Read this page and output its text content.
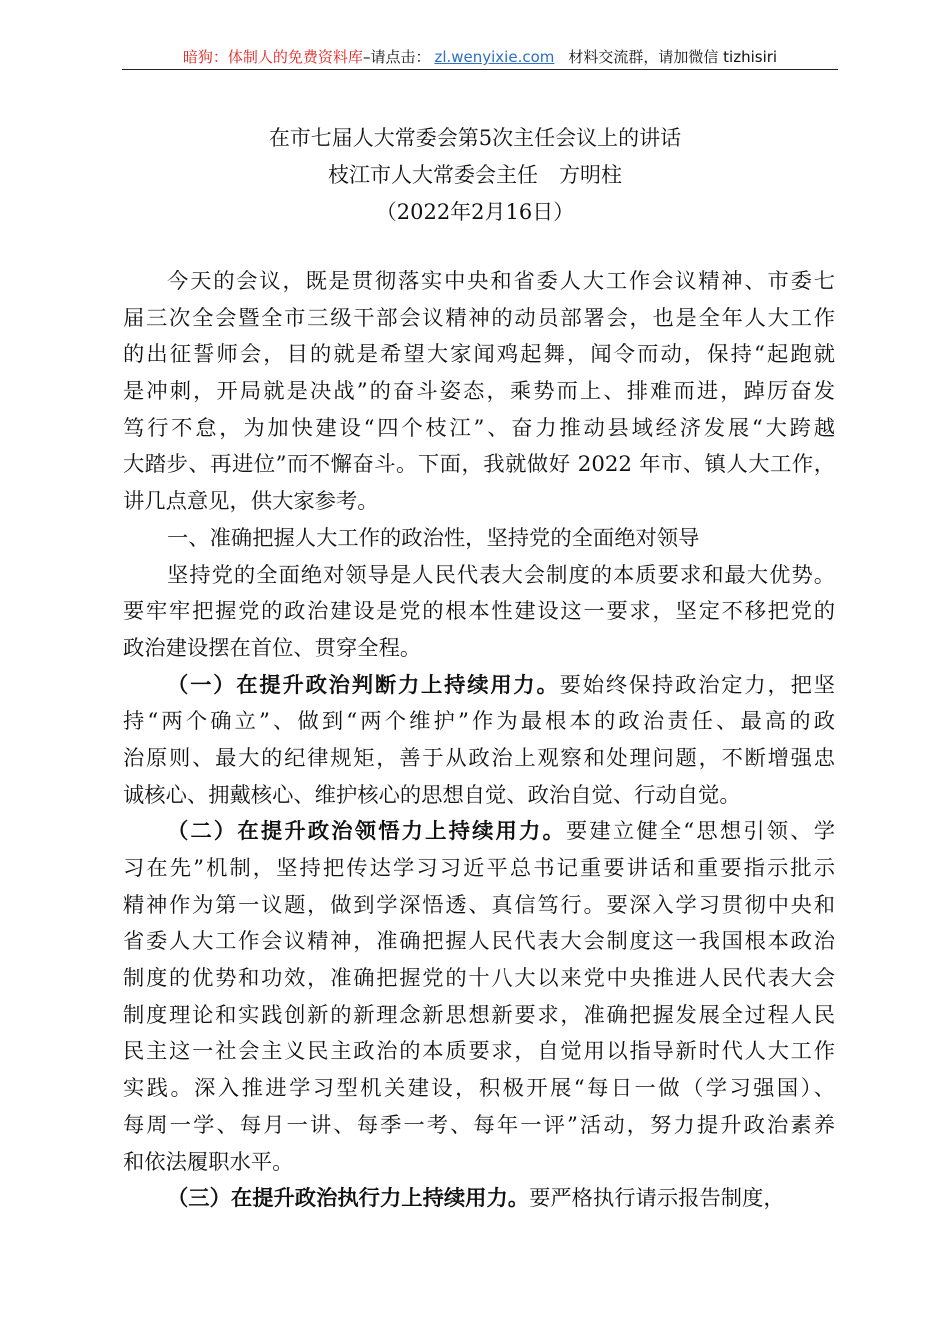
暗狗：体制人的免费资料库–请点击： zl.wenyixie.com 材料交流群，请加微信 tizhisiri
在市七届人大常委会第5次主任会议上的讲话
枝江市人大常委会主任　方明柱
（2022年2月16日）
今天的会议，既是贯彻落实中央和省委人大工作会议精神、市委七
届三次全会暨全市三级干部会议精神的动员部署会，也是全年人大工作
的出征誓师会，目的就是希望大家闻鸡起舞，闻令而动，保持“起跑就
是冲刺，开局就是决战”的奋斗姿态，乘势而上、排难而进，踔厉奋发
笃行不怠，为加快建设“四个枝江”、奋力推动县域经济发展“大跨越
大踏步、再进位”而不懈奋斗。下面，我就做好 2022 年市、镇人大工作，
讲几点意见，供大家参考。
一、准确把握人大工作的政治性，坚持党的全面绝对领导
坚持党的全面绝对领导是人民代表大会制度的本质要求和最大优势。
要牢牢把握党的政治建设是党的根本性建设这一要求，坚定不移把党的
政治建设摆在首位、贯穿全程。
（一）在提升政治判断力上持续用力。要始终保持政治定力，把坚
持“两个确立”、做到“两个维护”作为最根本的政治责任、最高的政
治原则、最大的纪律规矩，善于从政治上观察和处理问题，不断增强忠
诚核心、拥戴核心、维护核心的思想自觉、政治自觉、行动自觉。
（二）在提升政治领悟力上持续用力。要建立健全“思想引领、学
习在先”机制，坚持把传达学习习近平总书记重要讲话和重要指示批示
精神作为第一议题，做到学深悟透、真信笃行。要深入学习贯彻中央和
省委人大工作会议精神，准确把握人民代表大会制度这一我国根本政治
制度的优势和功效，准确把握党的十八大以来党中央推进人民代表大会
制度理论和实践创新的新理念新思想新要求，准确把握发展全过程人民
民主这一社会主义民主政治的本质要求，自觉用以指导新时代人大工作
实践。深入推进学习型机关建设，积极开展“每日一做（学习强国）、
每周一学、每月一讲、每季一考、每年一评”活动，努力提升政治素养
和依法履职水平。
（三）在提升政治执行力上持续用力。要严格执行请示报告制度，
